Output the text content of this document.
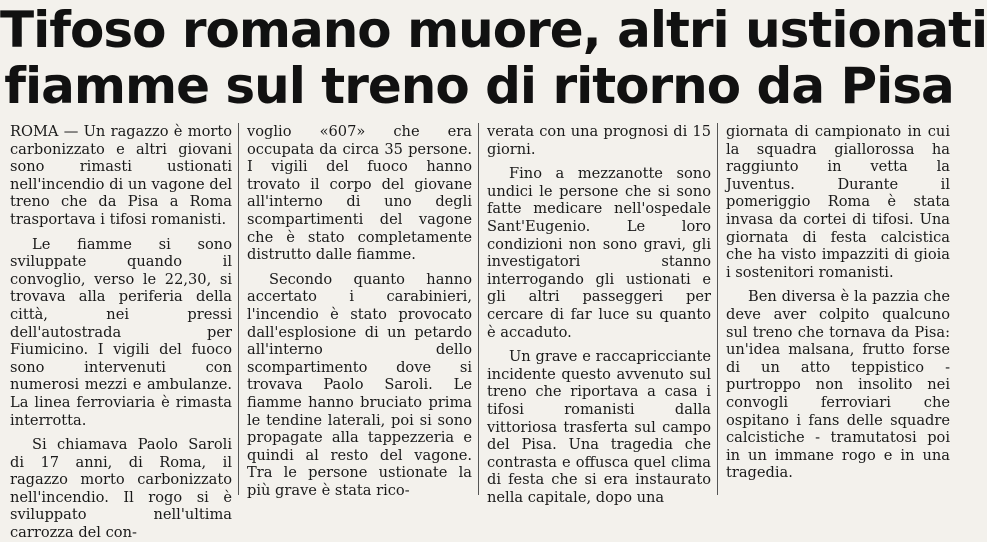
Tifoso romano muore, altri ustionati
fiamme sul treno di ritorno da Pisa

ROMA — Un ragazzo è morto carbonizzato e altri giovani sono rimasti ustionati nell'incendio di un vagone del treno che da Pisa a Roma trasportava i tifosi romanisti.

Le fiamme si sono sviluppate quando il convoglio, verso le 22,30, si trovava alla periferia della città, nei pressi dell'autostrada per Fiumicino. I vigili del fuoco sono intervenuti con numerosi mezzi e ambulanze. La linea ferroviaria è rimasta interrotta.

Si chiamava Paolo Saroli di 17 anni, di Roma, il ragazzo morto carbonizzato nell'incendio. Il rogo si è sviluppato nell'ultima carrozza del con-

voglio «607» che era occupata da circa 35 persone. I vigili del fuoco hanno trovato il corpo del giovane all'interno di uno degli scompartimenti del vagone che è stato completamente distrutto dalle fiamme.

Secondo quanto hanno accertato i carabinieri, l'incendio è stato provocato dall'esplosione di un petardo all'interno dello scompartimento dove si trovava Paolo Saroli. Le fiamme hanno bruciato prima le tendine laterali, poi si sono propagate alla tappezzeria e quindi al resto del vagone. Tra le persone ustionate la più grave è stata rico-

verata con una prognosi di 15 giorni.

Fino a mezzanotte sono undici le persone che si sono fatte medicare nell'ospedale Sant'Eugenio. Le loro condizioni non sono gravi, gli investigatori stanno interrogando gli ustionati e gli altri passeggeri per cercare di far luce su quanto è accaduto.

Un grave e raccapricciante incidente questo avvenuto sul treno che riportava a casa i tifosi romanisti dalla vittoriosa trasferta sul campo del Pisa. Una tragedia che contrasta e offusca quel clima di festa che si era instaurato nella capitale, dopo una

giornata di campionato in cui la squadra giallorossa ha raggiunto in vetta la Juventus. Durante il pomeriggio Roma è stata invasa da cortei di tifosi. Una giornata di festa calcistica che ha visto impazziti di gioia i sostenitori romanisti.

Ben diversa è la pazzia che deve aver colpito qualcuno sul treno che tornava da Pisa: un'idea malsana, frutto forse di un atto teppistico - purtroppo non insolito nei convogli ferroviari che ospitano i fans delle squadre calcistiche - tramutatosi poi in un immane rogo e in una tragedia.
